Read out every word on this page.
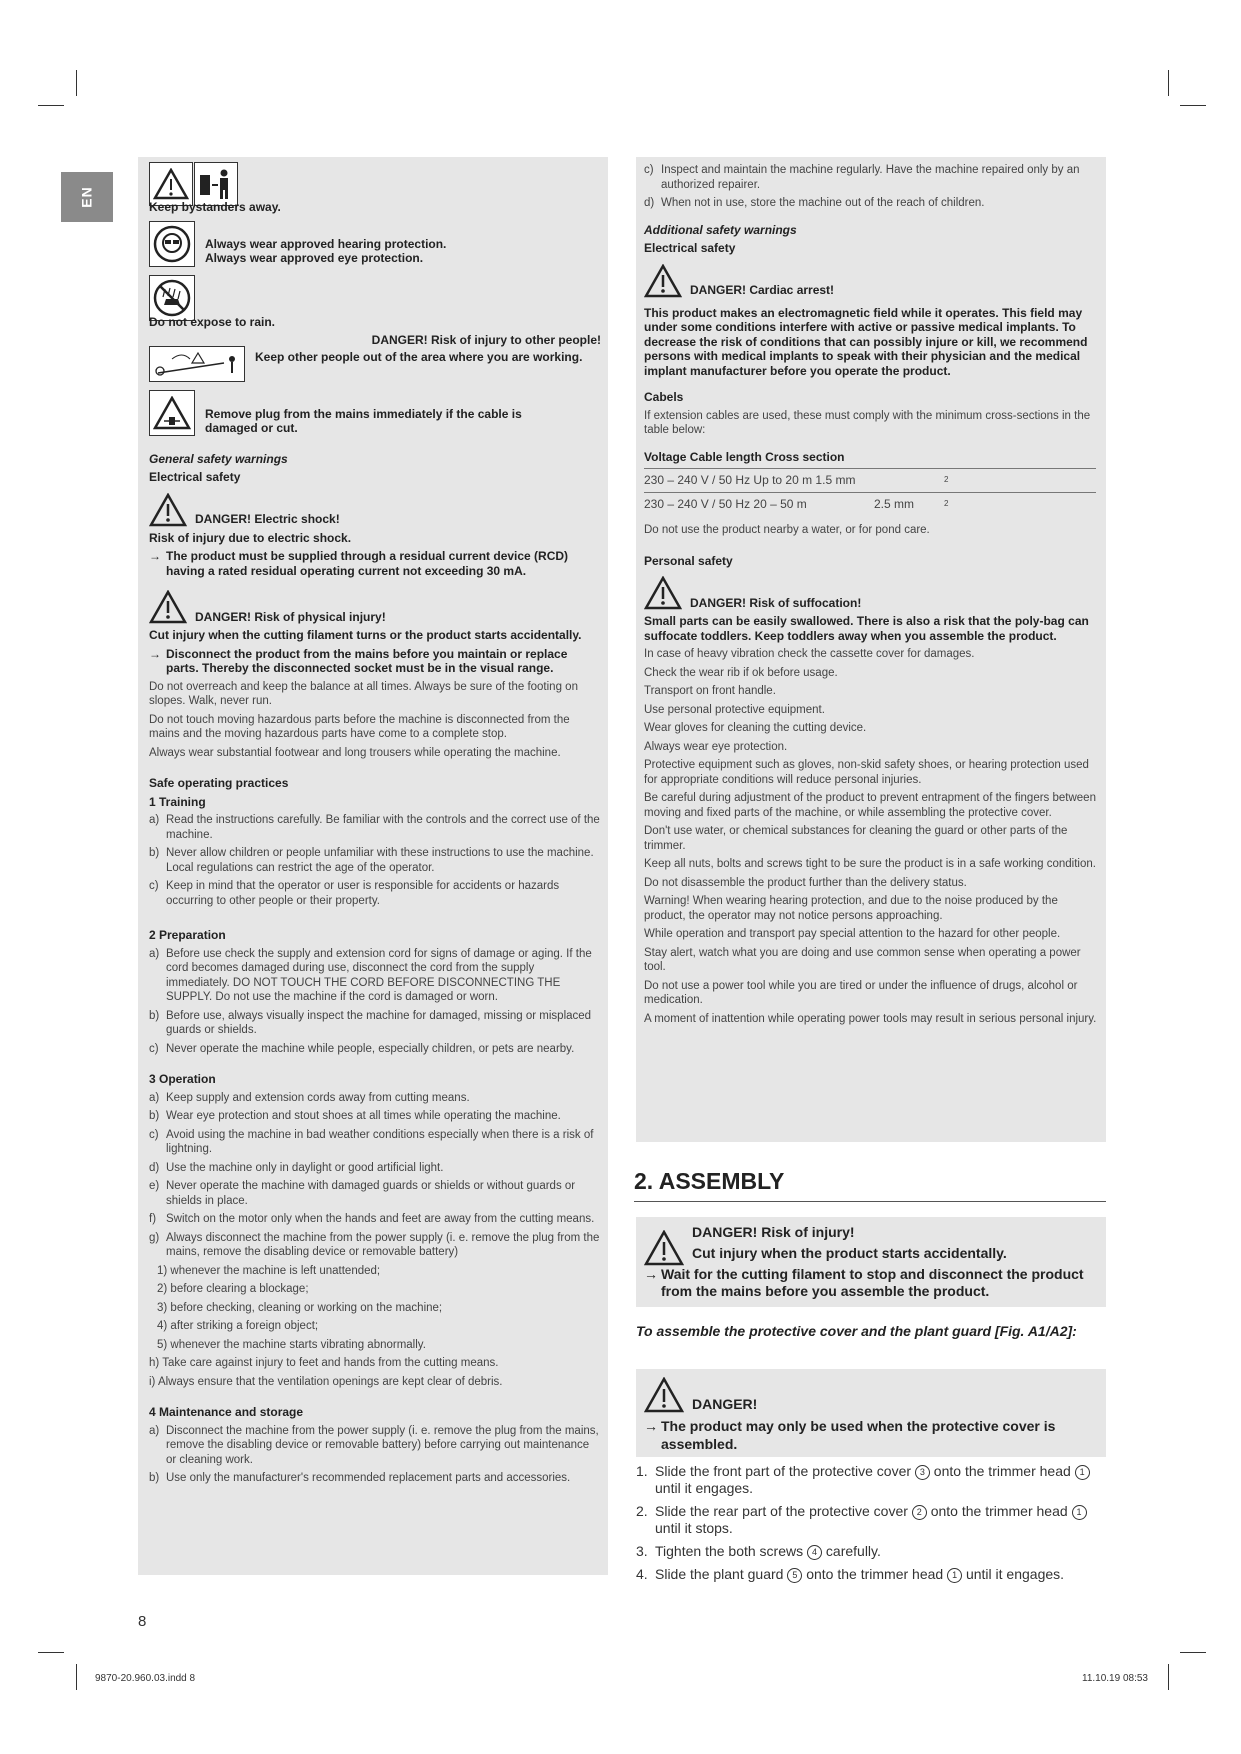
EN	Keep bystanders away.

Always wear approved hearing protection.

Always wear approved eye protection.

Do not expose to rain.

DANGER! Risk of injury to other people!

Keep other people out of the area where you are working.

Remove plug from the mains immediately if the cable is damaged or cut.

General safety warnings

Electrical safety

DANGER! Electric shock!

Risk of injury due to electric shock.

→ The product must be supplied through a residual current device (RCD) having a rated residual operating current not exceeding 30 mA.

DANGER! Risk of physical injury!

Cut injury when the cutting filament turns or the product starts accidentally.

→ Disconnect the product from the mains before you maintain or replace parts. Thereby the disconnected socket must be in the visual range.

Do not overreach and keep the balance at all times. Always be sure of the footing on slopes. Walk, never run.

Do not touch moving hazardous parts before the machine is disconnected from the mains and the moving hazardous parts have come to a complete stop.

Always wear substantial footwear and long trousers while operating the machine.

Safe operating practices

1 Training

a) Read the instructions carefully. Be familiar with the controls and the correct use of the machine.
b) Never allow children or people unfamiliar with these instructions to use the machine. Local regulations can restrict the age of the operator.
c) Keep in mind that the operator or user is responsible for accidents or hazards occurring to other people or their property.

2 Preparation

a) Before use check the supply and extension cord for signs of damage or aging. If the cord becomes damaged during use, disconnect the cord from the supply immediately. DO NOT TOUCH THE CORD BEFORE DISCONNECTING THE SUPPLY. Do not use the machine if the cord is damaged or worn.
b) Before use, always visually inspect the machine for damaged, missing or misplaced guards or shields.
c) Never operate the machine while people, especially children, or pets are nearby.

3 Operation

a) Keep supply and extension cords away from cutting means.
b) Wear eye protection and stout shoes at all times while operating the machine.
c) Avoid using the machine in bad weather conditions especially when there is a risk of lightning.
d) Use the machine only in daylight or good artificial light.
e) Never operate the machine with damaged guards or shields or without guards or shields in place.
f) Switch on the motor only when the hands and feet are away from the cutting means.
g) Always disconnect the machine from the power supply (i. e. remove the plug from the mains, remove the disabling device or removable battery)

1) whenever the machine is left unattended;

2) before clearing a blockage;

3) before checking, cleaning or working on the machine;

4) after striking a foreign object;

5) whenever the machine starts vibrating abnormally.

h) Take care against injury to feet and hands from the cutting means.

i) Always ensure that the ventilation openings are kept clear of debris.

4 Maintenance and storage

a) Disconnect the machine from the power supply (i. e. remove the plug from the mains, remove the disabling device or removable battery) before carrying out maintenance or cleaning work.
b) Use only the manufacturer's recommended replacement parts and accessories.
c) Inspect and maintain the machine regularly. Have the machine repaired only by an authorized repairer.
d) When not in use, store the machine out of the reach of children.

Additional safety warnings

Electrical safety

DANGER! Cardiac arrest!

This product makes an electromagnetic field while it operates. This field may under some conditions interfere with active or passive medical implants. To decrease the risk of conditions that can possibly injure or kill, we recommend persons with medical implants to speak with their physician and the medical implant manufacturer before you operate the product.

Cabels

If extension cables are used, these must comply with the minimum cross-sections in the table below:

Voltage Cable length Cross section

230 – 240 V / 50 Hz Up to 20 m 1.5 mm		2
230 – 240 V / 50 Hz 20 – 50 m	2.5 mm	2

Do not use the product nearby a water, or for pond care.

Personal safety

DANGER! Risk of suffocation!

Small parts can be easily swallowed. There is also a risk that the poly-bag can suffocate toddlers. Keep toddlers away when you assemble the product.

In case of heavy vibration check the cassette cover for damages.

Check the wear rib if ok before usage.

Transport on front handle.

Use personal protective equipment.

Wear gloves for cleaning the cutting device.

Always wear eye protection.

Protective equipment such as gloves, non-skid safety shoes, or hearing protection used for appropriate conditions will reduce personal injuries.

Be careful during adjustment of the product to prevent entrapment of the fingers between moving and fixed parts of the machine, or while assembling the protective cover.

Don't use water, or chemical substances for cleaning the guard or other parts of the trimmer.

Keep all nuts, bolts and screws tight to be sure the product is in a safe working condition.

Do not disassemble the product further than the delivery status.

Warning! When wearing hearing protection, and due to the noise produced by the product, the operator may not notice persons approaching.

While operation and transport pay special attention to the hazard for other people.

Stay alert, watch what you are doing and use common sense when operating a power tool.

Do not use a power tool while you are tired or under the influence of drugs, alcohol or medication.

A moment of inattention while operating power tools may result in serious personal injury.

2. ASSEMBLY

DANGER! Risk of injury!

Cut injury when the product starts accidentally.

→ Wait for the cutting filament to stop and disconnect the product from the mains before you assemble the product.
To assemble the protective cover and the plant guard [Fig. A1/A2]:

DANGER!

→ The product may only be used when the protective cover is assembled.
1. Slide the front part of the protective cover 3 onto the trimmer head 1 until it engages.
2. Slide the rear part of the protective cover 2 onto the trimmer head 1 until it stops.
3. Tighten the both screws 4 carefully.
4. Slide the plant guard 5 onto the trimmer head 1 until it engages.
8
9870-20.960.03.indd 8	11.10.19 08:53
